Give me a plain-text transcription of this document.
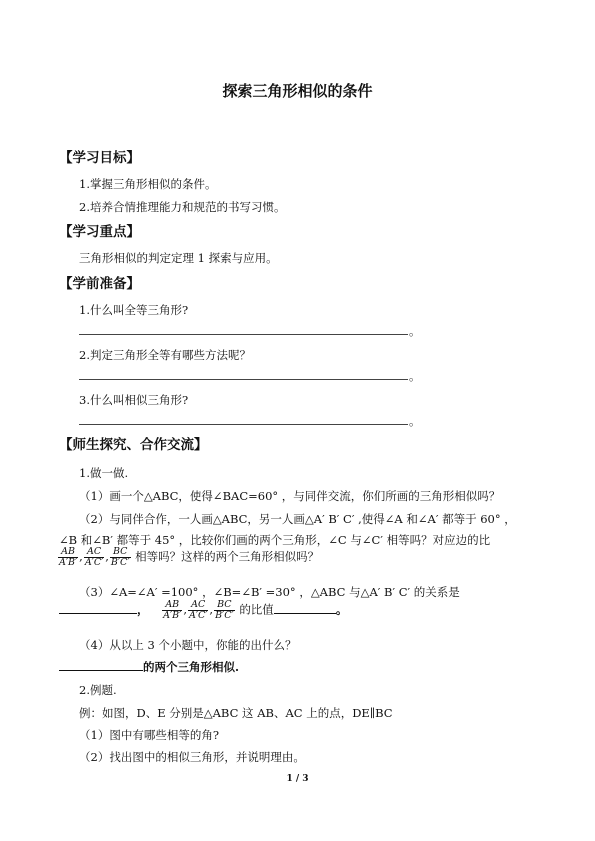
探索三角形相似的条件
【学习目标】
1.掌握三角形相似的条件。
2.培养合情推理能力和规范的书写习惯。
【学习重点】
三角形相似的判定定理 1 探索与应用。
【学前准备】
1.什么叫全等三角形?
。
2.判定三角形全等有哪些方法呢？
。
3.什么叫相似三角形?
。
【师生探究、合作交流】
1.做一做.
（1）画一个△ABC，使得∠BAC=60° ，与同伴交流，你们所画的三角形相似吗？
（2）与同伴合作，一人画△ABC，另一人画△A′ B′ C′ ,使得∠A 和∠A′ 都等于 60° ，
∠B 和∠B′ 都等于 45° ，比较你们画的两个三角形，∠C 与∠C′ 相等吗？对应边的比
$\frac{AB}{A'B'}$ , $\frac{AC}{A'C'}$ , $\frac{BC}{B'C'}$ 相等吗？这样的两个三角形相似吗？
（3）∠A=∠A′ =100° ，∠B=∠B′ =30° ，△ABC 与△A′ B′ C′ 的关系是
， $\frac{AB}{A'B'}$ , $\frac{AC}{A'C'}$ , $\frac{BC}{B'C'}$ 的比值	。
（4）从以上 3 个小题中，你能的出什么？
的两个三角形相似.
2.例题.
例：如图，D、E 分别是△ABC 这 AB、AC 上的点，DE∥BC
（1）图中有哪些相等的角?
（2）找出图中的相似三角形，并说明理由。
1 / 3
